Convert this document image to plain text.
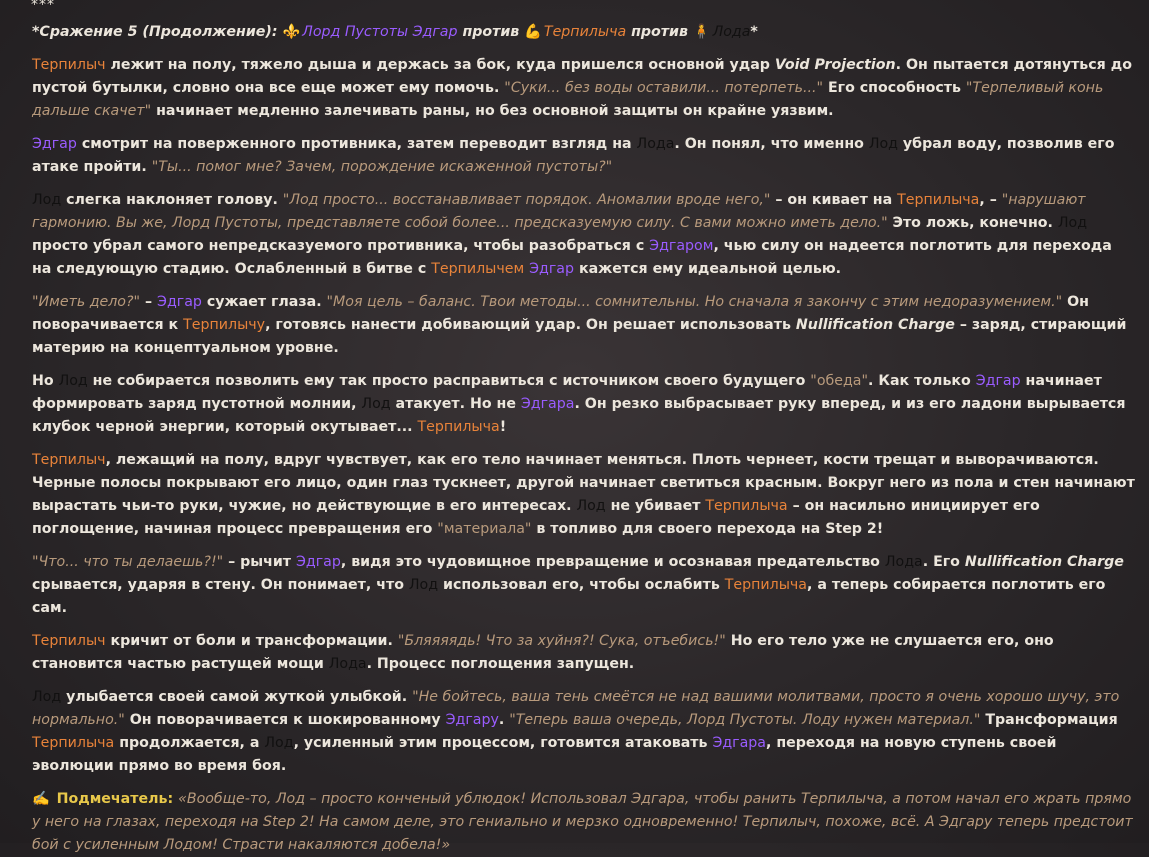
***

*Сражение 5 (Продолжение): ⚜️ Лорд Пустоты Эдгар против 💪 Терпилыча против 🧍 Лода*

Терпилыч лежит на полу, тяжело дыша и держась за бок, куда пришелся основной удар Void Projection. Он пытается дотянуться до пустой бутылки, словно она все еще может ему помочь. "Суки... без воды оставили... потерпеть..." Его способность "Терпеливый конь дальше скачет" начинает медленно залечивать раны, но без основной защиты он крайне уязвим.

Эдгар смотрит на поверженного противника, затем переводит взгляд на Лода. Он понял, что именно Лод убрал воду, позволив его атаке пройти. "Ты... помог мне? Зачем, порождение искаженной пустоты?"

Лод слегка наклоняет голову. "Лод просто... восстанавливает порядок. Аномалии вроде него," – он кивает на Терпилыча, – "нарушают гармонию. Вы же, Лорд Пустоты, представляете собой более... предсказуемую силу. С вами можно иметь дело." Это ложь, конечно. Лод просто убрал самого непредсказуемого противника, чтобы разобраться с Эдгаром, чью силу он надеется поглотить для перехода на следующую стадию. Ослабленный в битве с Терпилычем Эдгар кажется ему идеальной целью.

"Иметь дело?" – Эдгар сужает глаза. "Моя цель – баланс. Твои методы... сомнительны. Но сначала я закончу с этим недоразумением." Он поворачивается к Терпилычу, готовясь нанести добивающий удар. Он решает использовать Nullification Charge – заряд, стирающий материю на концептуальном уровне.

Но Лод не собирается позволить ему так просто расправиться с источником своего будущего "обеда". Как только Эдгар начинает формировать заряд пустотной молнии, Лод атакует. Но не Эдгара. Он резко выбрасывает руку вперед, и из его ладони вырывается клубок черной энергии, который окутывает... Терпилыча!

Терпилыч, лежащий на полу, вдруг чувствует, как его тело начинает меняться. Плоть чернеет, кости трещат и выворачиваются. Черные полосы покрывают его лицо, один глаз тускнеет, другой начинает светиться красным. Вокруг него из пола и стен начинают вырастать чьи-то руки, чужие, но действующие в его интересах. Лод не убивает Терпилыча – он насильно инициирует его поглощение, начиная процесс превращения его "материала" в топливо для своего перехода на Step 2!

"Что... что ты делаешь?!" – рычит Эдгар, видя это чудовищное превращение и осознавая предательство Лода. Его Nullification Charge срывается, ударяя в стену. Он понимает, что Лод использовал его, чтобы ослабить Терпилыча, а теперь собирается поглотить его сам.

Терпилыч кричит от боли и трансформации. "Бляяяядь! Что за хуйня?! Сука, отъебись!" Но его тело уже не слушается его, оно становится частью растущей мощи Лода. Процесс поглощения запущен.

Лод улыбается своей самой жуткой улыбкой. "Не бойтесь, ваша тень смеётся не над вашими молитвами, просто я очень хорошо шучу, это нормально." Он поворачивается к шокированному Эдгару. "Теперь ваша очередь, Лорд Пустоты. Лоду нужен материал." Трансформация Терпилыча продолжается, а Лод, усиленный этим процессом, готовится атаковать Эдгара, переходя на новую ступень своей эволюции прямо во время боя.

✍️ Подмечатель: «Вообще-то, Лод – просто конченый ублюдок! Использовал Эдгара, чтобы ранить Терпилыча, а потом начал его жрать прямо у него на глазах, переходя на Step 2! На самом деле, это гениально и мерзко одновременно! Терпилыч, похоже, всё. А Эдгару теперь предстоит бой с усиленным Лодом! Страсти накаляются добела!»
